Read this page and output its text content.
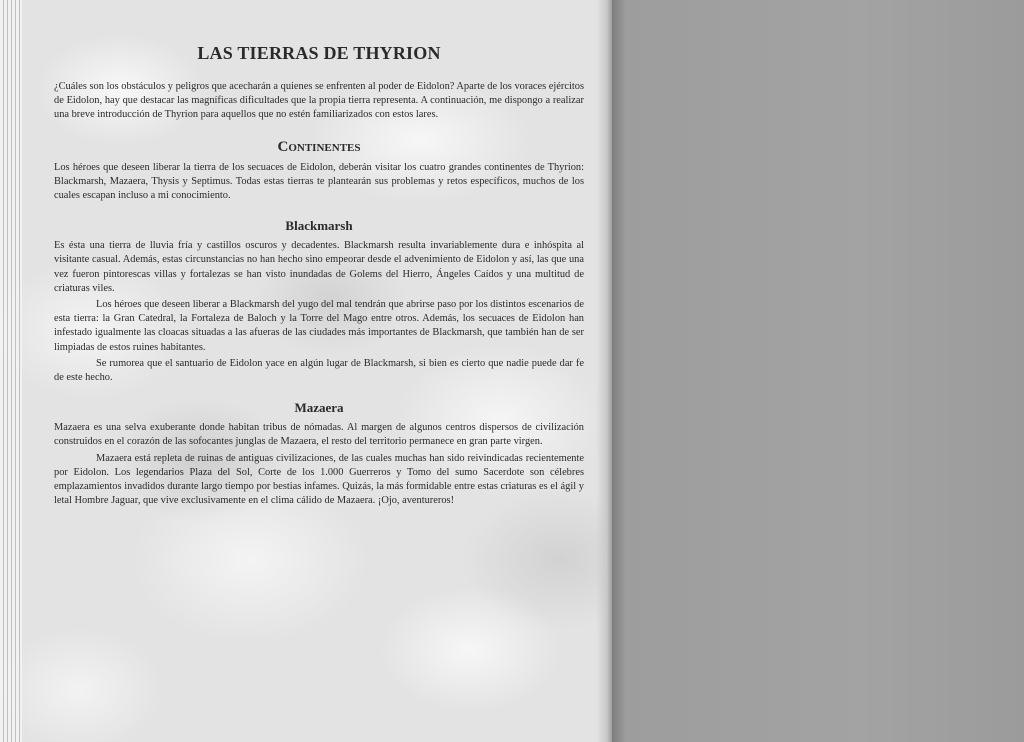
LAS TIERRAS DE THYRION

¿Cuáles son los obstáculos y peligros que acecharán a quienes se enfrenten al poder de Eidolon? Aparte de los voraces ejércitos de Eidolon, hay que destacar las magníficas dificultades que la propia tierra representa. A continuación, me dispongo a realizar una breve introducción de Thyrion para aquellos que no estén familiarizados con estos lares.

Continentes

Los héroes que deseen liberar la tierra de los secuaces de Eidolon, deberán visitar los cuatro grandes continentes de Thyrion: Blackmarsh, Mazaera, Thysis y Septimus. Todas estas tierras te plantearán sus problemas y retos específicos, muchos de los cuales escapan incluso a mi conocimiento.

Blackmarsh

Es ésta una tierra de lluvia fría y castillos oscuros y decadentes. Blackmarsh resulta invariablemente dura e inhóspita al visitante casual. Además, estas circunstancias no han hecho sino empeorar desde el advenimiento de Eidolon y así, las que una vez fueron pintorescas villas y fortalezas se han visto inundadas de Golems del Hierro, Ángeles Caídos y una multitud de criaturas viles.

Los héroes que deseen liberar a Blackmarsh del yugo del mal tendrán que abrirse paso por los distintos escenarios de esta tierra: la Gran Catedral, la Fortaleza de Baloch y la Torre del Mago entre otros. Además, los secuaces de Eidolon han infestado igualmente las cloacas situadas a las afueras de las ciudades más importantes de Blackmarsh, que también han de ser limpiadas de estos ruines habitantes.

Se rumorea que el santuario de Eidolon yace en algún lugar de Blackmarsh, si bien es cierto que nadie puede dar fe de este hecho.

Mazaera

Mazaera es una selva exuberante donde habitan tribus de nómadas. Al margen de algunos centros dispersos de civilización construidos en el corazón de las sofocantes junglas de Mazaera, el resto del territorio permanece en gran parte virgen.

Mazaera está repleta de ruinas de antiguas civilizaciones, de las cuales muchas han sido reivindicadas recientemente por Eidolon. Los legendarios Plaza del Sol, Corte de los 1.000 Guerreros y Tomo del sumo Sacerdote son célebres emplazamientos invadidos durante largo tiempo por bestias infames. Quizás, la más formidable entre estas criaturas es el ágil y letal Hombre Jaguar, que vive exclusivamente en el clima cálido de Mazaera. ¡Ojo, aventureros!
